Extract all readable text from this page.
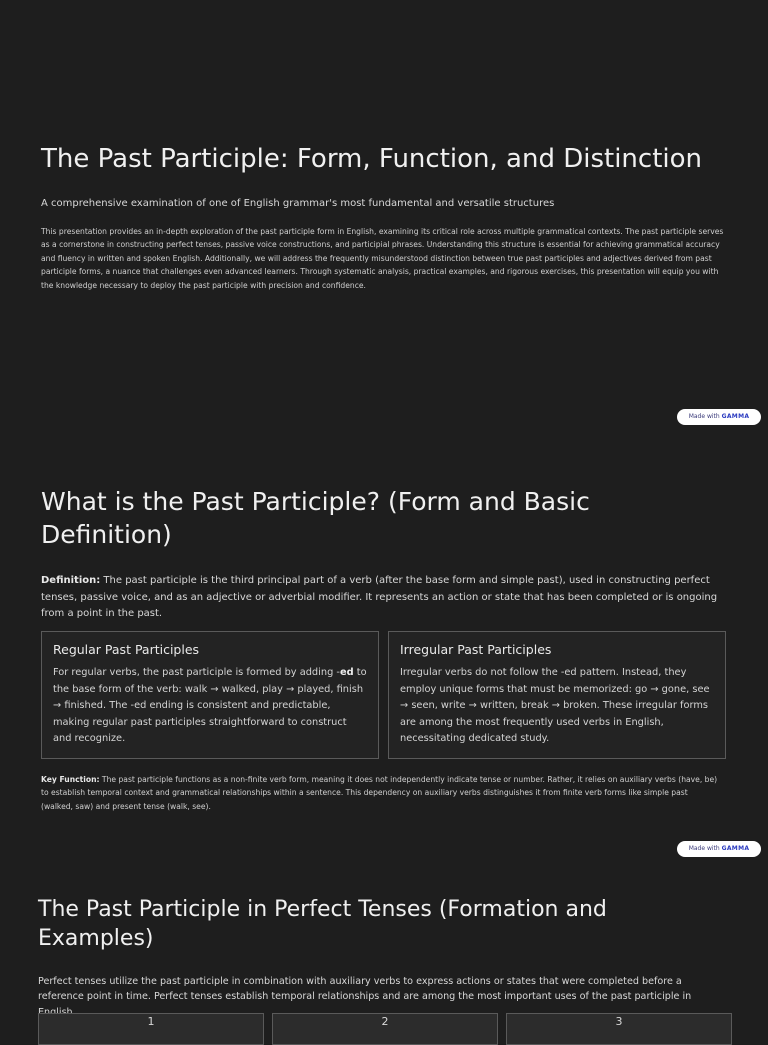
The Past Participle: Form, Function, and Distinction

A comprehensive examination of one of English grammar's most fundamental and versatile structures

This presentation provides an in-depth exploration of the past participle form in English, examining its critical role across multiple grammatical contexts. The past participle serves as a cornerstone in constructing perfect tenses, passive voice constructions, and participial phrases. Understanding this structure is essential for achieving grammatical accuracy and fluency in written and spoken English. Additionally, we will address the frequently misunderstood distinction between true past participles and adjectives derived from past participle forms, a nuance that challenges even advanced learners. Through systematic analysis, practical examples, and rigorous exercises, this presentation will equip you with the knowledge necessary to deploy the past participle with precision and confidence.

Made with GAMMA
What is the Past Participle? (Form and Basic Definition)

Definition: The past participle is the third principal part of a verb (after the base form and simple past), used in constructing perfect tenses, passive voice, and as an adjective or adverbial modifier. It represents an action or state that has been completed or is ongoing from a point in the past.

Regular Past Participles

For regular verbs, the past participle is formed by adding -ed to the base form of the verb: walk → walked, play → played, finish → finished. The -ed ending is consistent and predictable, making regular past participles straightforward to construct and recognize.

Irregular Past Participles

Irregular verbs do not follow the -ed pattern. Instead, they employ unique forms that must be memorized: go → gone, see → seen, write → written, break → broken. These irregular forms are among the most frequently used verbs in English, necessitating dedicated study.

Key Function: The past participle functions as a non-finite verb form, meaning it does not independently indicate tense or number. Rather, it relies on auxiliary verbs (have, be) to establish temporal context and grammatical relationships within a sentence. This dependency on auxiliary verbs distinguishes it from finite verb forms like simple past (walked, saw) and present tense (walk, see).

Made with GAMMA
The Past Participle in Perfect Tenses (Formation and Examples)

Perfect tenses utilize the past participle in combination with auxiliary verbs to express actions or states that were completed before a reference point in time. Perfect tenses establish temporal relationships and are among the most important uses of the past participle in

1	2	3
